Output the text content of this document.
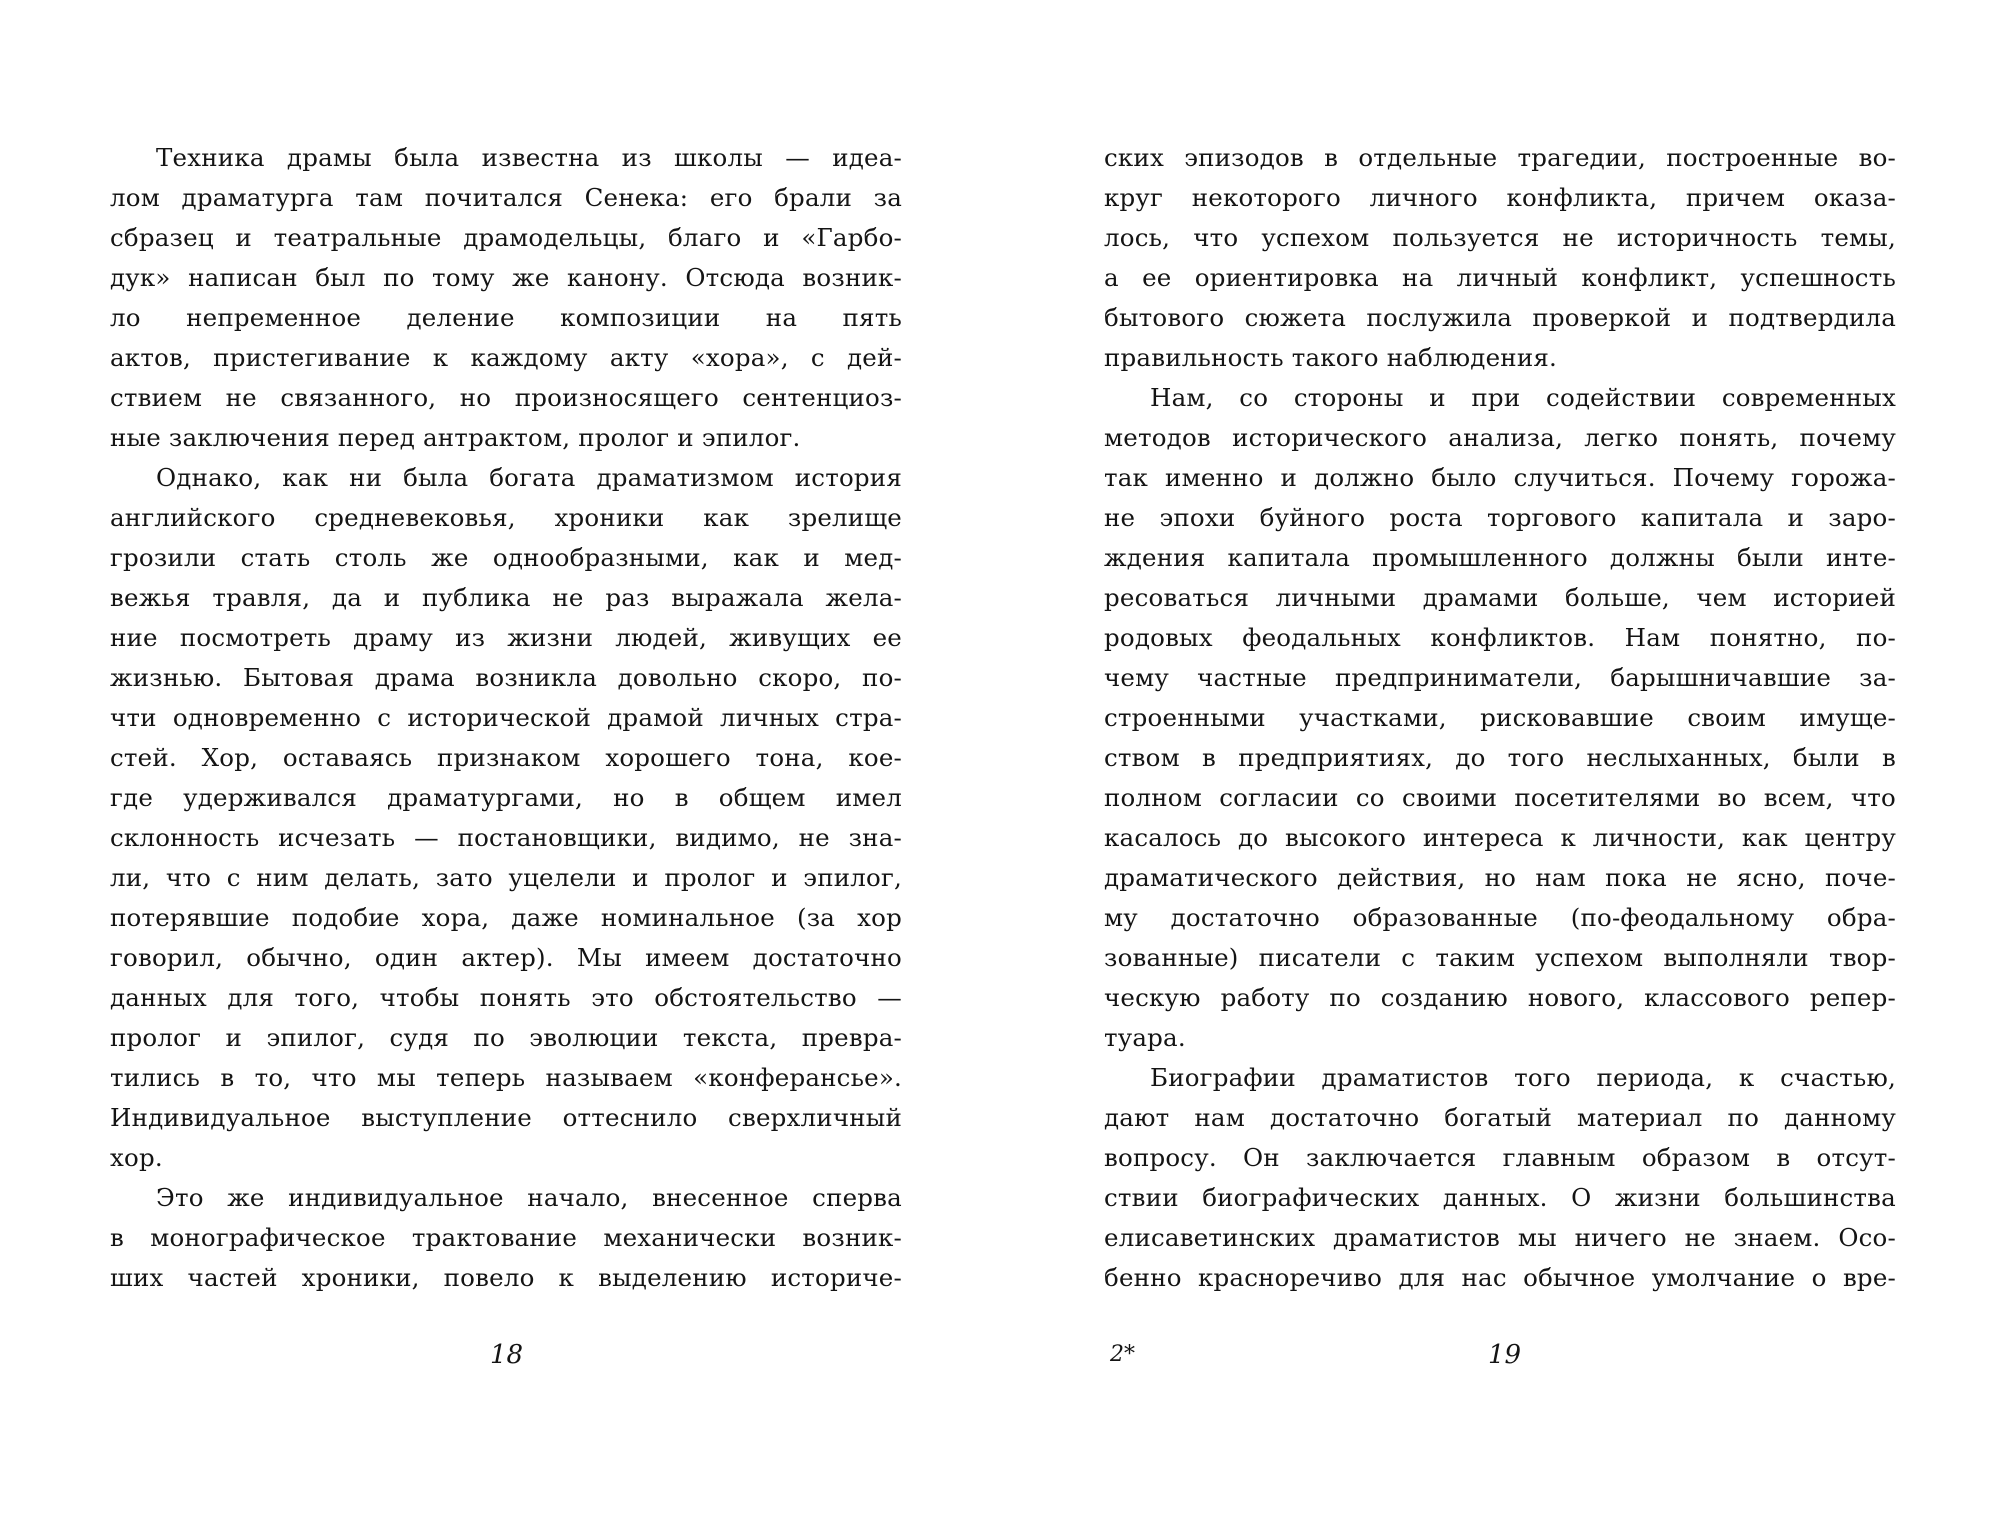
Техника драмы была известна из школы — идеа-
лом драматурга там почитался Сенека: его брали за
сбразец и театральные драмодельцы, благо и «Гарбо-
дук» написан был по тому же канону. Отсюда возник-
ло непременное деление композиции на пять
актов, пристегивание к каждому акту «хора», с дей-
ствием не связанного, но произносящего сентенциоз-
ные заключения перед антрактом, пролог и эпилог.
Однако, как ни была богата драматизмом история
английского средневековья, хроники как зрелище
грозили стать столь же однообразными, как и мед-
вежья травля, да и публика не раз выражала жела-
ние посмотреть драму из жизни людей, живущих ее
жизнью. Бытовая драма возникла довольно скоро, по-
чти одновременно с исторической драмой личных стра-
стей. Хор, оставаясь признаком хорошего тона, кое-
где удерживался драматургами, но в общем имел
склонность исчезать — постановщики, видимо, не зна-
ли, что с ним делать, зато уцелели и пролог и эпилог,
потерявшие подобие хора, даже номинальное (за хор
говорил, обычно, один актер). Мы имеем достаточно
данных для того, чтобы понять это обстоятельство —
пролог и эпилог, судя по эволюции текста, превра-
тились в то, что мы теперь называем «конферансье».
Индивидуальное выступление оттеснило сверхличный
хор.
Это же индивидуальное начало, внесенное сперва
в монографическое трактование механически возник-
ших частей хроники, повело к выделению историче-
ских эпизодов в отдельные трагедии, построенные во-
круг некоторого личного конфликта, причем оказа-
лось, что успехом пользуется не историчность темы,
а ее ориентировка на личный конфликт, успешность
бытового сюжета послужила проверкой и подтвердила
правильность такого наблюдения.
Нам, со стороны и при содействии современных
методов исторического анализа, легко понять, почему
так именно и должно было случиться. Почему горожа-
не эпохи буйного роста торгового капитала и заро-
ждения капитала промышленного должны были инте-
ресоваться личными драмами больше, чем историей
родовых феодальных конфликтов. Нам понятно, по-
чему частные предприниматели, барышничавшие за-
строенными участками, рисковавшие своим имуще-
ством в предприятиях, до того неслыханных, были в
полном согласии со своими посетителями во всем, что
касалось до высокого интереса к личности, как центру
драматического действия, но нам пока не ясно, поче-
му достаточно образованные (по-феодальному обра-
зованные) писатели с таким успехом выполняли твор-
ческую работу по созданию нового, классового репер-
туара.
Биографии драматистов того периода, к счастью,
дают нам достаточно богатый материал по данному
вопросу. Он заключается главным образом в отсут-
ствии биографических данных. О жизни большинства
елисаветинских драматистов мы ничего не знаем. Осо-
бенно красноречиво для нас обычное умолчание о вре-
18	2*	19
